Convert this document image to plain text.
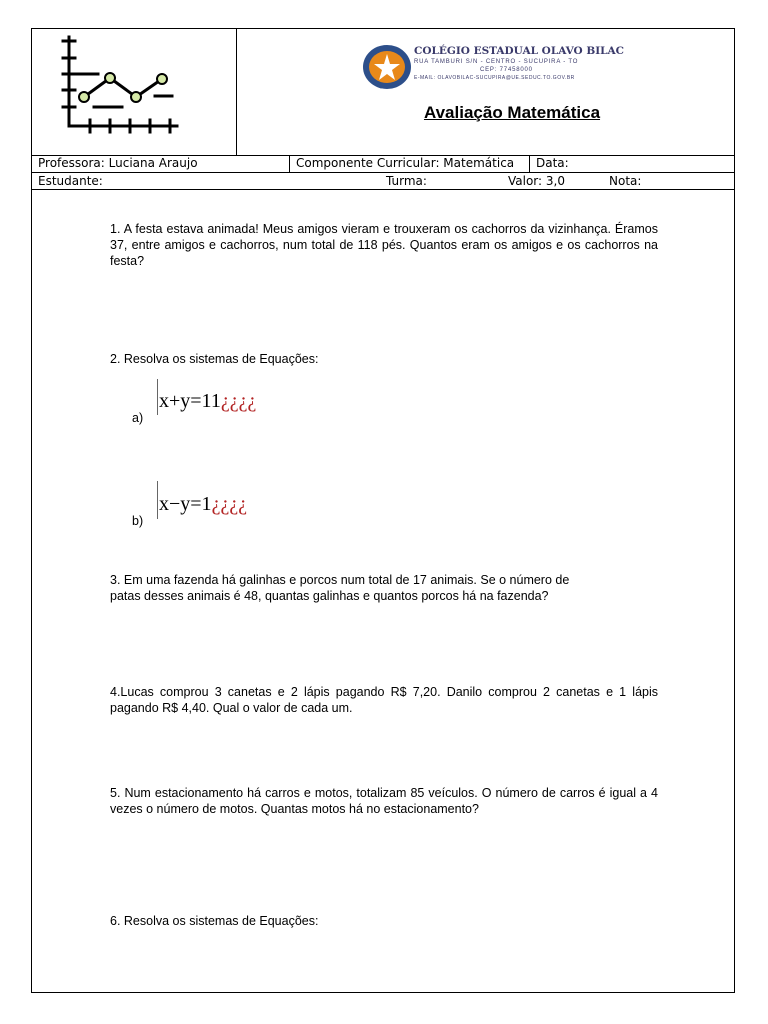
COLÉGIO ESTADUAL OLAVO BILAC
RUA TAMBURI S/N - CENTRO - SUCUPIRA - TO
CEP: 77458000
E-MAIL: OLAVOBILAC-SUCUPIRA@UE.SEDUC.TO.GOV.BR
Avaliação Matemática
Professora: Luciana Araujo	Componente Curricular: Matemática	Data:
Estudante:	Turma:	Valor: 3,0	Nota:
1. A festa estava animada! Meus amigos vieram e trouxeram os cachorros da vizinhança. Éramos 37, entre amigos e cachorros, num total de 118 pés. Quantos eram os amigos e os cachorros na festa?
2. Resolva os sistemas de Equações:
a)
x+y=11¿¿¿¿
b)
x−y=1¿¿¿¿
3. Em uma fazenda há galinhas e porcos num total de 17 animais. Se o número de
patas desses animais é 48, quantas galinhas e quantos porcos há na fazenda?
4.Lucas comprou 3 canetas e 2 lápis pagando R$ 7,20. Danilo comprou 2 canetas e 1 lápis pagando R$ 4,40. Qual o valor de cada um.
5. Num estacionamento há carros e motos, totalizam 85 veículos. O número de carros é igual a 4 vezes o número de motos. Quantas motos há no estacionamento?
6. Resolva os sistemas de Equações:
